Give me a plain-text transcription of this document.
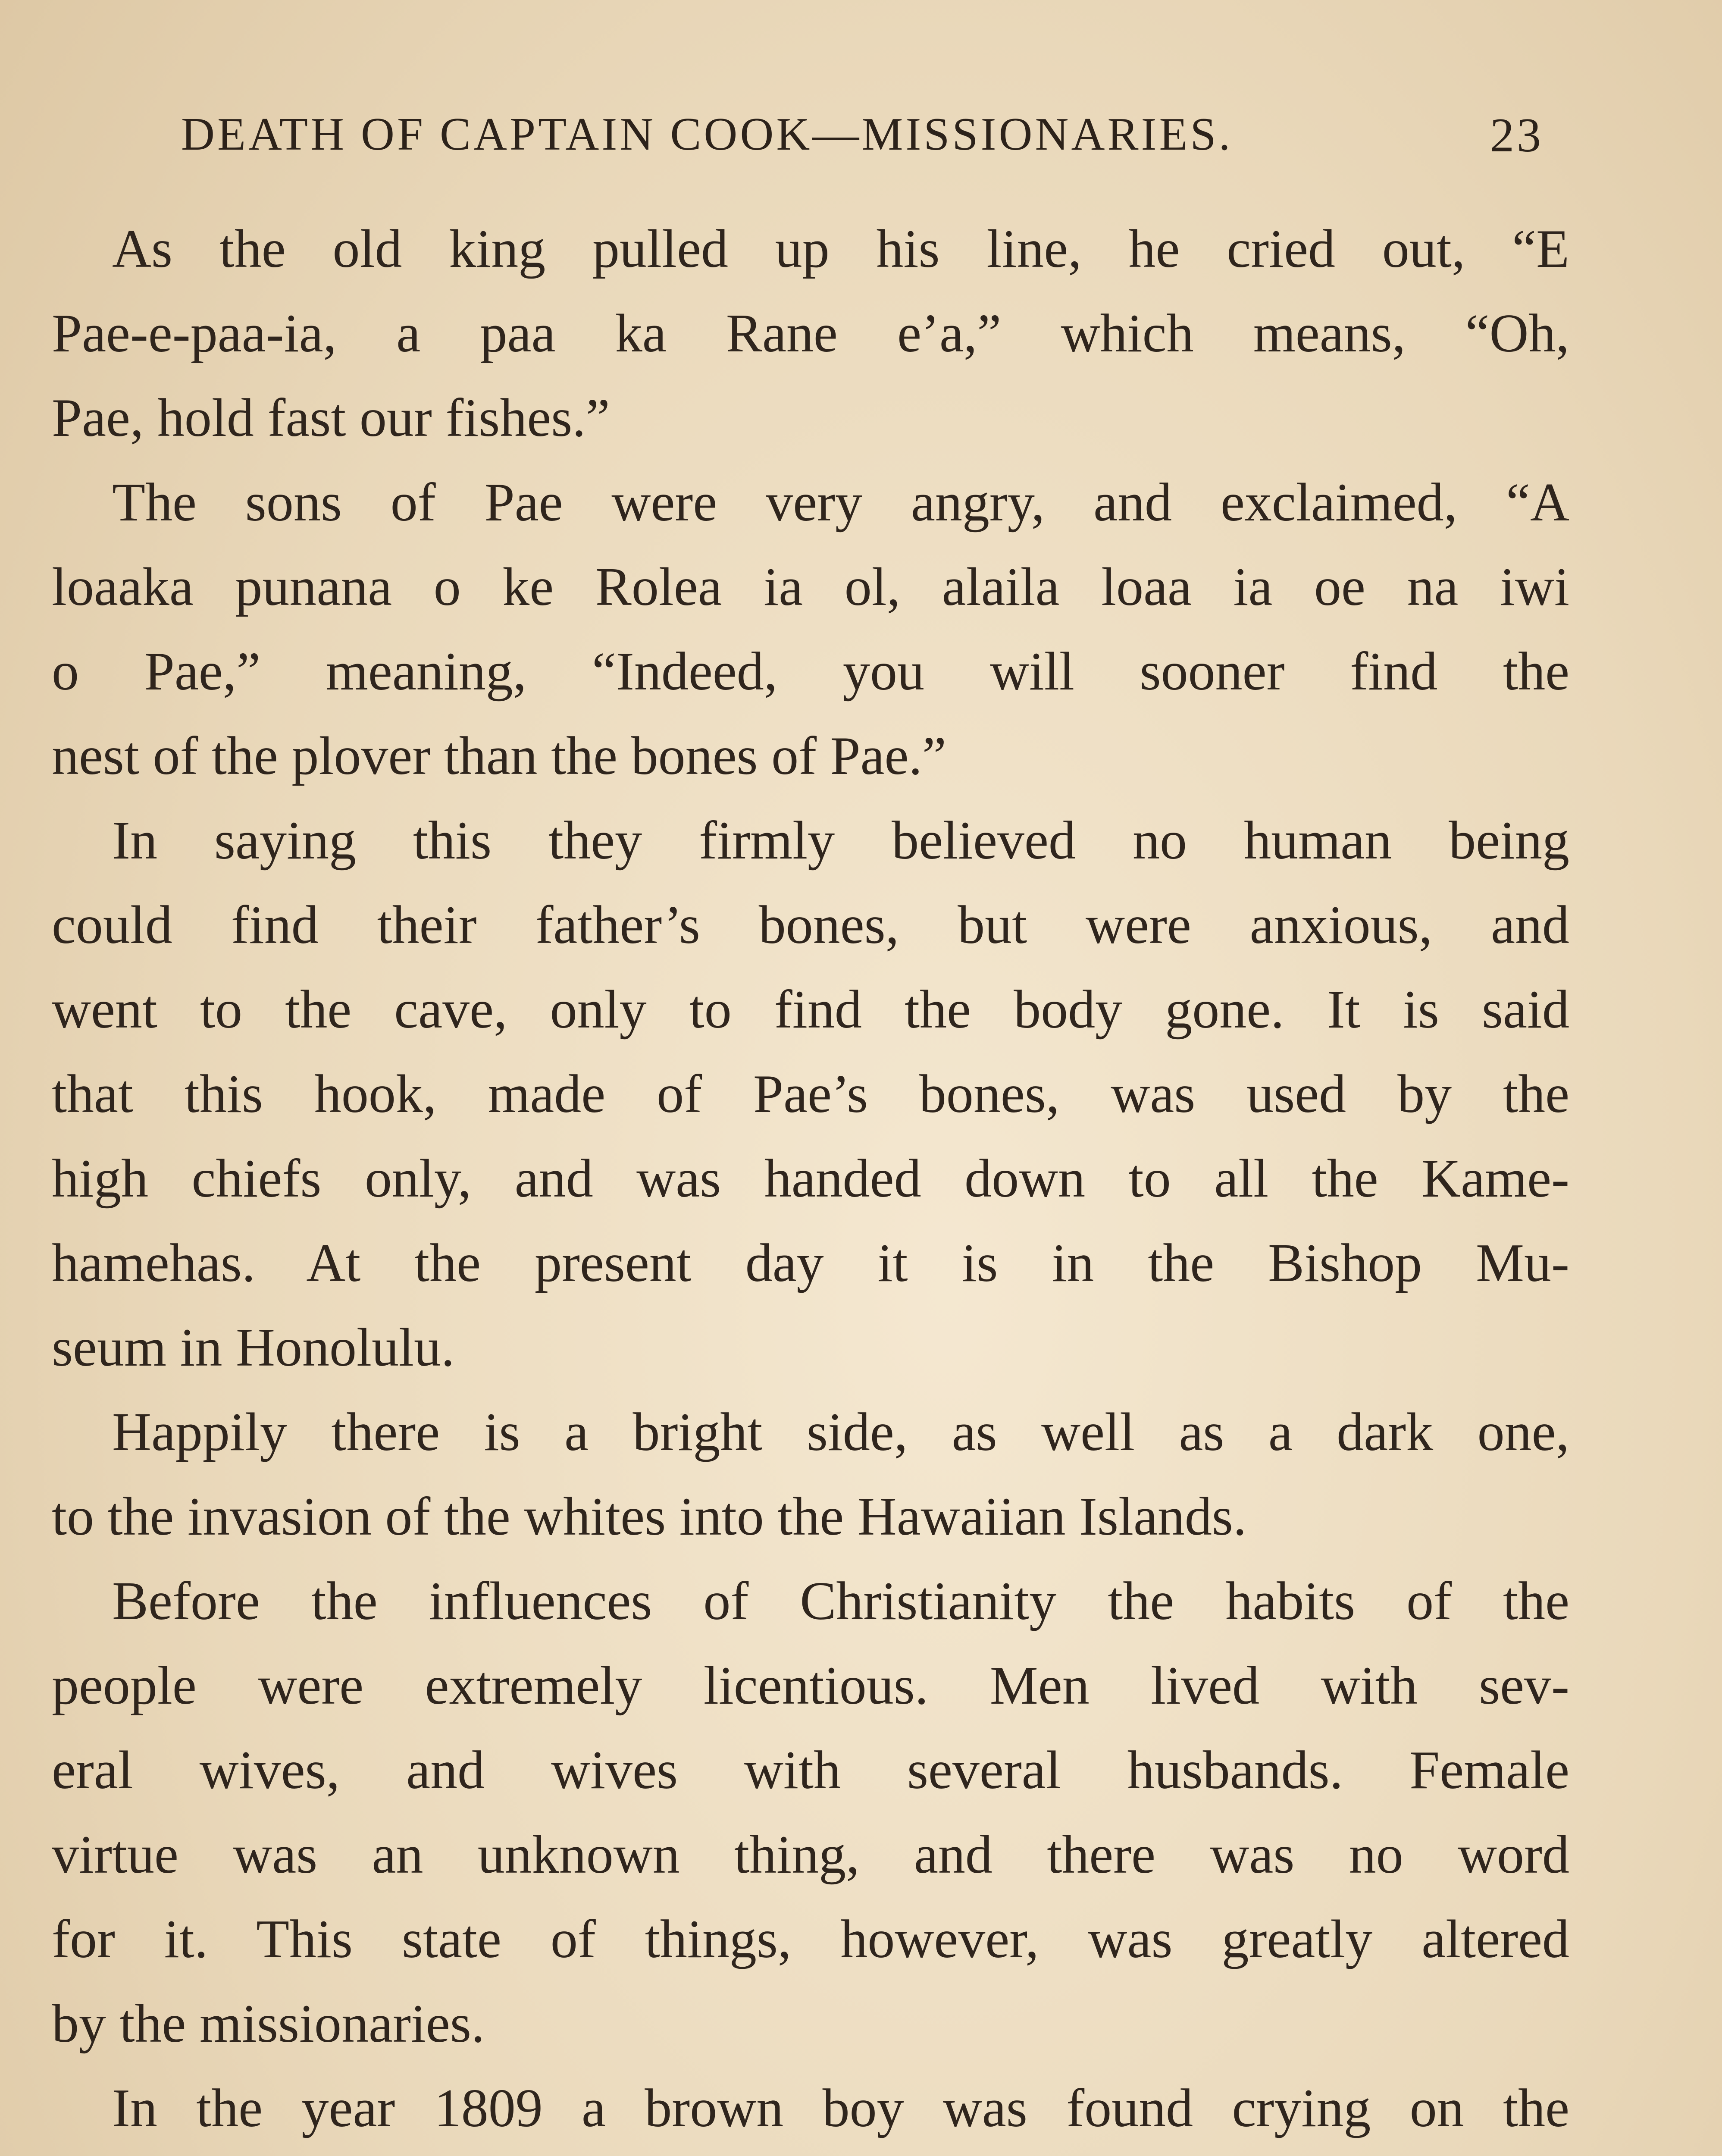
DEATH OF CAPTAIN COOK—MISSIONARIES.	23
As the old king pulled up his line, he cried out, “E
Pae-e-paa-ia, a paa ka Rane e’a,” which means, “Oh,
Pae, hold fast our fishes.”
The sons of Pae were very angry, and exclaimed, “A
loaaka punana o ke Rolea ia ol, alaila loaa ia oe na iwi
o Pae,” meaning, “Indeed, you will sooner find the
nest of the plover than the bones of Pae.”
In saying this they firmly believed no human being
could find their father’s bones, but were anxious, and
went to the cave, only to find the body gone. It is said
that this hook, made of Pae’s bones, was used by the
high chiefs only, and was handed down to all the Kame-
hamehas. At the present day it is in the Bishop Mu-
seum in Honolulu.
Happily there is a bright side, as well as a dark one,
to the invasion of the whites into the Hawaiian Islands.
Before the influences of Christianity the habits of the
people were extremely licentious. Men lived with sev-
eral wives, and wives with several husbands. Female
virtue was an unknown thing, and there was no word
for it. This state of things, however, was greatly altered
by the missionaries.
In the year 1809 a brown boy was found crying on the
